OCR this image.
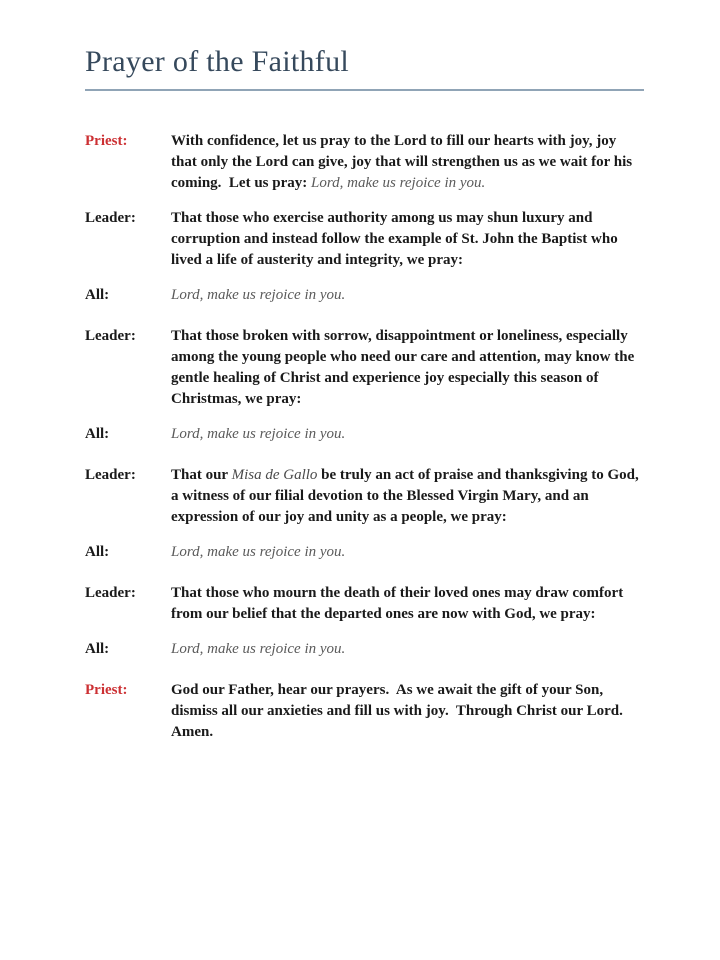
Prayer of the Faithful
Priest:	With confidence, let us pray to the Lord to fill our hearts with joy, joy that only the Lord can give, joy that will strengthen us as we wait for his coming.  Let us pray: Lord, make us rejoice in you.
Leader:	That those who exercise authority among us may shun luxury and corruption and instead follow the example of St. John the Baptist who lived a life of austerity and integrity, we pray:
All:	Lord, make us rejoice in you.
Leader:	That those broken with sorrow, disappointment or loneliness, especially among the young people who need our care and attention, may know the gentle healing of Christ and experience joy especially this season of Christmas, we pray:
All:	Lord, make us rejoice in you.
Leader:	That our Misa de Gallo be truly an act of praise and thanksgiving to God, a witness of our filial devotion to the Blessed Virgin Mary, and an expression of our joy and unity as a people, we pray:
All:	Lord, make us rejoice in you.
Leader:	That those who mourn the death of their loved ones may draw comfort from our belief that the departed ones are now with God, we pray:
All:	Lord, make us rejoice in you.
Priest:	God our Father, hear our prayers.  As we await the gift of your Son, dismiss all our anxieties and fill us with joy.  Through Christ our Lord.   Amen.
